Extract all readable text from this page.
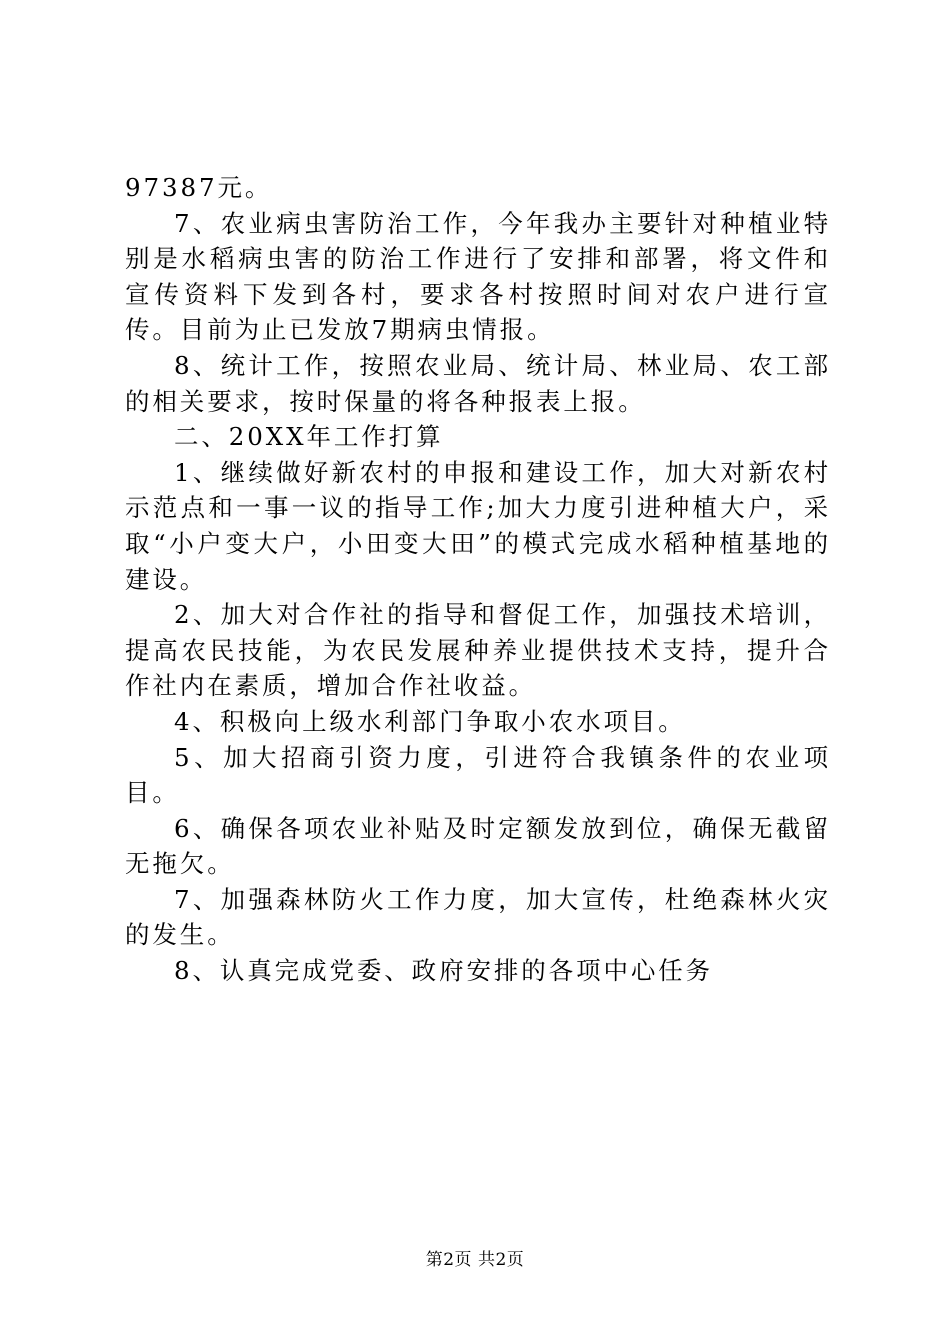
97387元。

7、农业病虫害防治工作，今年我办主要针对种植业特别是水稻病虫害的防治工作进行了安排和部署，将文件和宣传资料下发到各村，要求各村按照时间对农户进行宣传。目前为止已发放7期病虫情报。

8、统计工作，按照农业局、统计局、林业局、农工部的相关要求，按时保量的将各种报表上报。

二、20XX年工作打算

1、继续做好新农村的申报和建设工作，加大对新农村示范点和一事一议的指导工作;加大力度引进种植大户，采取“小户变大户，小田变大田”的模式完成水稻种植基地的建设。

2、加大对合作社的指导和督促工作，加强技术培训，提高农民技能，为农民发展种养业提供技术支持，提升合作社内在素质，增加合作社收益。

4、积极向上级水利部门争取小农水项目。

5、加大招商引资力度，引进符合我镇条件的农业项目。

6、确保各项农业补贴及时定额发放到位，确保无截留无拖欠。

7、加强森林防火工作力度，加大宣传，杜绝森林火灾的发生。

8、认真完成党委、政府安排的各项中心任务

第2页 共2页
